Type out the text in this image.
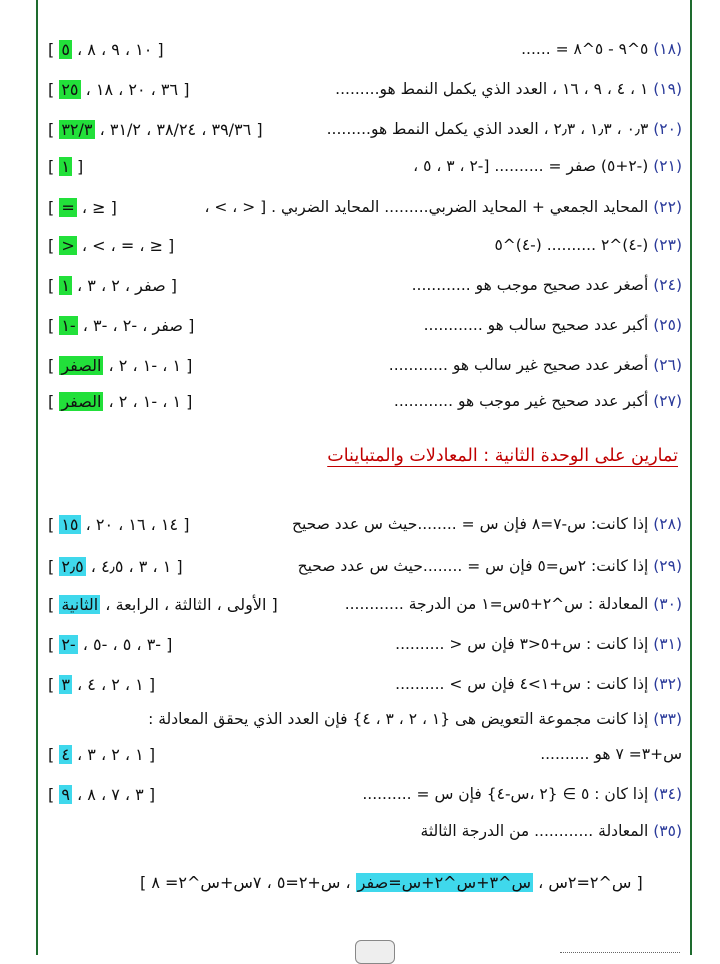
(١٨) ٥^٩ - ٥^٨ = ......
[ ١٠ ، ٩ ، ٨ ، ٥ ]
(١٩) ١ ، ٤ ، ٩ ، ١٦ ، العدد الذي يكمل النمط هو.........
[ ٣٦ ، ٢٠ ، ١٨ ، ٢٥ ]
(٢٠) ٠٫٣ ، ١٫٣ ، ٢٫٣ ، العدد الذي يكمل النمط هو.........
[ ٣٩/٣٦ ، ٣٨/٢٤ ، ٣١/٢ ، ٣٢/٣ ]
(٢١) (-٢+٥) صفر = .......... [-٢ ، ٣ ، ٥ ،
[ ١ ]
(٢٢) المحايد الجمعي + المحايد الضربي......... المحايد الضربي . [ < ، > ،
[ ≤ ، = ]
(٢٣) (-٤)^٢ .......... (-٤)^٥
[ ≤ ، = ، > ، < ]
(٢٤) أصغر عدد صحيح موجب هو ............
[ صفر ، ٢ ، ٣ ، ١ ]
(٢٥) أكبر عدد صحيح سالب هو ............
[ صفر ، -٢ ، -٣ ، -١ ]
(٢٦) أصغر عدد صحيح غير سالب هو ............
[ ١ ، -١ ، ٢ ، الصفر ]
(٢٧) أكبر عدد صحيح غير موجب هو ............
[ ١ ، -١ ، ٢ ، الصفر ]
تمارين على الوحدة الثانية : المعادلات والمتباينات
(٢٨) إذا كانت: س-٧=٨ فإن س = ........حيث س عدد صحيح
[ ١٤ ، ١٦ ، ٢٠ ، ١٥ ]
(٢٩) إذا كانت: ٢س=٥ فإن س = ........حيث س عدد صحيح
[ ١ ، ٣ ، ٤٫٥ ، ٢٫٥ ]
(٣٠) المعادلة : س^٢+٥س=١ من الدرجة ............
[ الأولى ، الثالثة ، الرابعة ، الثانية ]
(٣١) إذا كانت : س+٥<٣ فإن س < ..........
[ -٣ ، ٥ ، -٥ ، -٢ ]
(٣٢) إذا كانت : س+١>٤ فإن س > ..........
[ ١ ، ٢ ، ٤ ، ٣ ]
(٣٣) إذا كانت مجموعة التعويض هى {١ ، ٢ ، ٣ ، ٤} فإن العدد الذي يحقق المعادلة :
س+٣= ٧ هو ..........
[ ١ ، ٢ ، ٣ ، ٤ ]
(٣٤) إذا كان : ٥ ∋ {٢ ،س-٤} فإن س = ..........
[ ٣ ، ٧ ، ٨ ، ٩ ]
(٣٥) المعادلة ............ من الدرجة الثالثة
[ س^٢=٢س ، س^٣+س^٢+س=صفر ، س+٢=٥ ، ٧س+س^٢= ٨ ]
